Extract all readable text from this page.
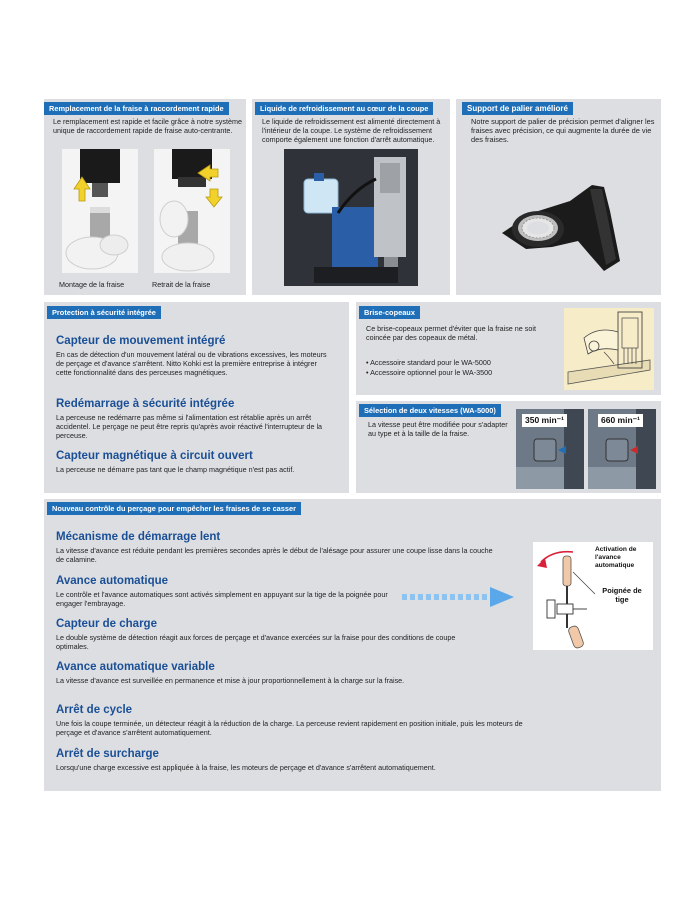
Remplacement de la fraise à raccordement rapide
Le remplacement est rapide et facile grâce à notre système unique de raccordement rapide de fraise auto-centrante.
Montage de la fraise	Retrait de la fraise
Liquide de refroidissement au cœur de la coupe
Le liquide de refroidissement est alimenté directement à l'intérieur de la coupe. Le système de refroidissement comporte également une fonction d'arrêt automatique.
Support de palier amélioré
Notre support de palier de précision permet d'aligner les fraises avec précision, ce qui augmente la durée de vie des fraises.
Protection à sécurité intégrée
Capteur de mouvement intégré
En cas de détection d'un mouvement latéral ou de vibrations excessives, les moteurs de perçage et d'avance s'arrêtent. Nitto Kohki est la première entreprise à intégrer cette fonctionnalité dans des perceuses magnétiques.
Redémarrage à sécurité intégrée
La perceuse ne redémarre pas même si l'alimentation est rétablie après un arrêt accidentel. Le perçage ne peut être repris qu'après avoir réactivé l'interrupteur de la perceuse.
Capteur magnétique à circuit ouvert
La perceuse ne démarre pas tant que le champ magnétique n'est pas actif.
Brise-copeaux
Ce brise-copeaux permet d'éviter que la fraise ne soit coincée par des copeaux de métal.
• Accessoire standard pour le WA-5000
• Accessoire optionnel pour le WA-3500
Sélection de deux vitesses (WA-5000)
La vitesse peut être modifiée pour s'adapter au type et à la taille de la fraise.
350 min⁻¹	660 min⁻¹
Nouveau contrôle du perçage pour empêcher les fraises de se casser
Mécanisme de démarrage lent
La vitesse d'avance est réduite pendant les premières secondes après le début de l'alésage pour assurer une coupe lisse dans la couche de calamine.
Avance automatique
Le contrôle et l'avance automatiques sont activés simplement en appuyant sur la tige de la poignée pour engager l'embrayage.
Capteur de charge
Le double système de détection réagit aux forces de perçage et d'avance exercées sur la fraise pour des conditions de coupe optimales.
Avance automatique variable
La vitesse d'avance est surveillée en permanence et mise à jour proportionnellement à la charge sur la fraise.
Arrêt de cycle
Une fois la coupe terminée, un détecteur réagit à la réduction de la charge. La perceuse revient rapidement en position initiale, puis les moteurs de perçage et d'avance s'arrêtent automatiquement.
Arrêt de surcharge
Lorsqu'une charge excessive est appliquée à la fraise, les moteurs de perçage et d'avance s'arrêtent automatiquement.
Activation de l'avance automatique
Poignée de tige
